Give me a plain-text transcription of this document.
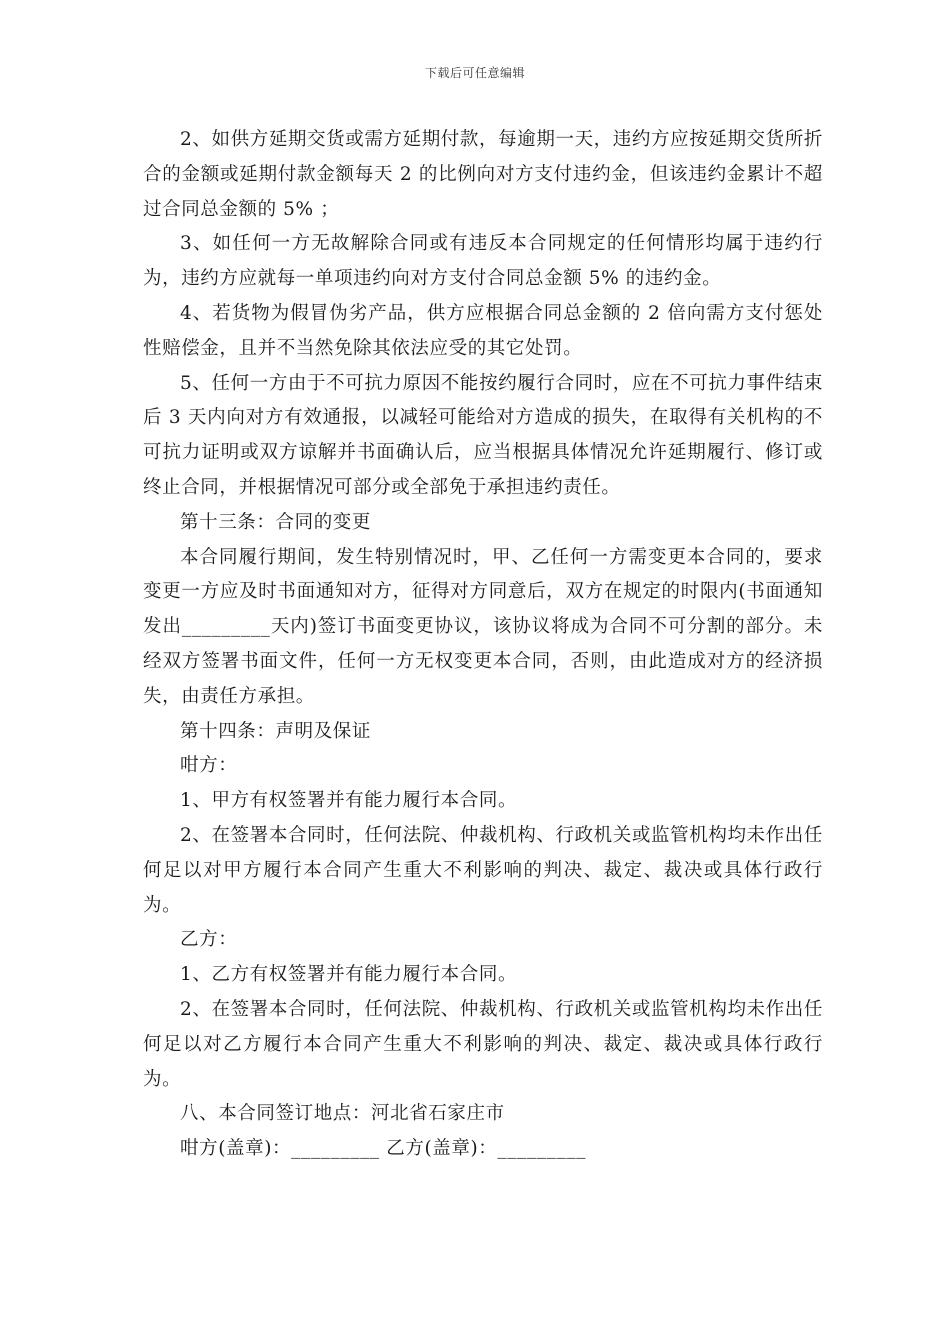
下载后可任意编辑

2、如供方延期交货或需方延期付款，每逾期一天，违约方应按延期交货所折合的金额或延期付款金额每天 2 的比例向对方支付违约金，但该违约金累计不超过合同总金额的 5% ；

3、如任何一方无故解除合同或有违反本合同规定的任何情形均属于违约行为，违约方应就每一单项违约向对方支付合同总金额 5% 的违约金。

4、若货物为假冒伪劣产品，供方应根据合同总金额的 2 倍向需方支付惩处性赔偿金，且并不当然免除其依法应受的其它处罚。

5、任何一方由于不可抗力原因不能按约履行合同时，应在不可抗力事件结束后 3 天内向对方有效通报，以减轻可能给对方造成的损失，在取得有关机构的不可抗力证明或双方谅解并书面确认后，应当根据具体情况允许延期履行、修订或终止合同，并根据情况可部分或全部免于承担违约责任。

第十三条：合同的变更

本合同履行期间，发生特别情况时，甲、乙任何一方需变更本合同的，要求变更一方应及时书面通知对方，征得对方同意后，双方在规定的时限内(书面通知发出_________天内)签订书面变更协议，该协议将成为合同不可分割的部分。未经双方签署书面文件，任何一方无权变更本合同，否则，由此造成对方的经济损失，由责任方承担。

第十四条：声明及保证

咁方：

1、甲方有权签署并有能力履行本合同。

2、在签署本合同时，任何法院、仲裁机构、行政机关或监管机构均未作出任何足以对甲方履行本合同产生重大不利影响的判决、裁定、裁决或具体行政行为。

乙方：

1、乙方有权签署并有能力履行本合同。

2、在签署本合同时，任何法院、仲裁机构、行政机关或监管机构均未作出任何足以对乙方履行本合同产生重大不利影响的判决、裁定、裁决或具体行政行为。

八、本合同签订地点：河北省石家庄市

咁方(盖章)：_________ 乙方(盖章)：_________
